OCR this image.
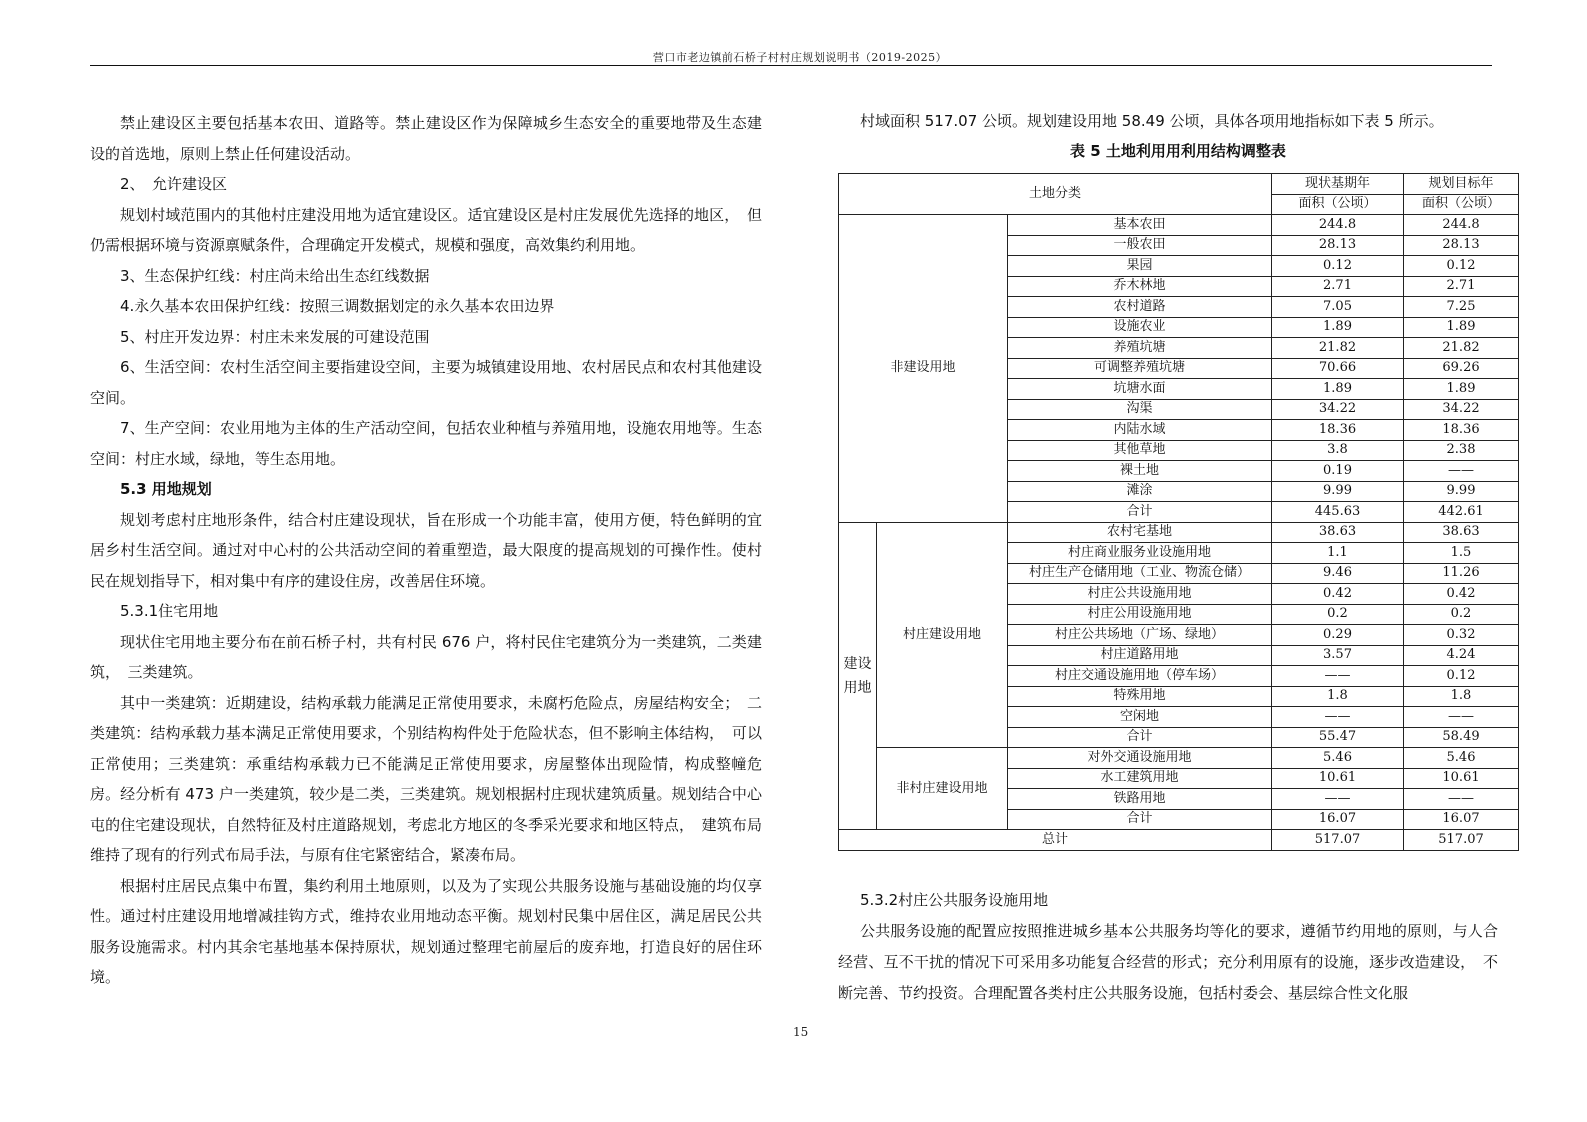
营口市老边镇前石桥子村村庄规划说明书（2019-2025）

禁止建设区主要包括基本农田、道路等。禁止建设区作为保障城乡生态安全的重要地带及生态建设的首选地，原则上禁止任何建设活动。

2、　允许建设区

规划村域范围内的其他村庄建没用地为适宜建设区。适宜建设区是村庄发展优先选择的地区，　但仍需根据环境与资源禀赋条件，合理确定开发模式，规模和强度，高效集约利用地。

3、生态保护红线：村庄尚未给出生态红线数据

4.永久基本农田保护红线：按照三调数据划定的永久基本农田边界

5、村庄开发边界：村庄未来发展的可建设范围

6、生活空间：农村生活空间主要指建设空间，主要为城镇建设用地、农村居民点和农村其他建设空间。

7、生产空间：农业用地为主体的生产活动空间，包括农业种植与养殖用地，设施农用地等。生态空间：村庄水域，绿地，等生态用地。

5.3 用地规划

规划考虑村庄地形条件，结合村庄建设现状，旨在形成一个功能丰富，使用方便，特色鲜明的宜居乡村生活空间。通过对中心村的公共活动空间的着重塑造，最大限度的提高规划的可操作性。使村民在规划指导下，相对集中有序的建设住房，改善居住环境。

5.3.1住宅用地

现状住宅用地主要分布在前石桥子村，共有村民 676 户，将村民住宅建筑分为一类建筑，二类建筑，　三类建筑。

其中一类建筑：近期建设，结构承载力能满足正常使用要求，未腐朽危险点，房屋结构安全；　二类建筑：结构承载力基本满足正常使用要求，个别结构构件处于危险状态，但不影响主体结构，　可以正常使用；三类建筑：承重结构承载力已不能满足正常使用要求，房屋整体出现险情，构成整幢危房。经分析有 473 户一类建筑，较少是二类，三类建筑。规划根据村庄现状建筑质量。规划结合中心屯的住宅建设现状，自然特征及村庄道路规划，考虑北方地区的冬季采光要求和地区特点，　建筑布局维持了现有的行列式布局手法，与原有住宅紧密结合，紧凑布局。

根据村庄居民点集中布置，集约利用土地原则，以及为了实现公共服务设施与基础设施的均仅享性。通过村庄建设用地增减挂钩方式，维持农业用地动态平衡。规划村民集中居住区，满足居民公共服务设施需求。村内其余宅基地基本保持原状，规划通过整理宅前屋后的废弃地，打造良好的居住环境。

村域面积 517.07 公顷。规划建设用地 58.49 公顷，具体各项用地指标如下表 5 所示。

表 5 土地利用用利用结构调整表

土地分类			现状基期年	规划目标年
			面积（公顷）	面积（公顷）
非建设用地		基本农田	244.8	244.8
		一般农田	28.13	28.13
		果园	0.12	0.12
		乔木林地	2.71	2.71
		农村道路	7.05	7.25
		设施农业	1.89	1.89
		养殖坑塘	21.82	21.82
		可调整养殖坑塘	70.66	69.26
		坑塘水面	1.89	1.89
		沟渠	34.22	34.22
		内陆水域	18.36	18.36
		其他草地	3.8	2.38
		裸土地	0.19	——
		滩涂	9.99	9.99
		合计	445.63	442.61
建设用地	村庄建设用地	农村宅基地	38.63	38.63
		村庄商业服务业设施用地	1.1	1.5
		村庄生产仓储用地（工业、物流仓储）	9.46	11.26
		村庄公共设施用地	0.42	0.42
		村庄公用设施用地	0.2	0.2
		村庄公共场地（广场、绿地）	0.29	0.32
		村庄道路用地	3.57	4.24
		村庄交通设施用地（停车场）	——	0.12
		特殊用地	1.8	1.8
		空闲地	——	——
		合计	55.47	58.49
	非村庄建设用地	对外交通设施用地	5.46	5.46
		水工建筑用地	10.61	10.61
		铁路用地	——	——
		合计	16.07	16.07
总计			517.07	517.07

5.3.2村庄公共服务设施用地

公共服务设施的配置应按照推进城乡基本公共服务均等化的要求，遵循节约用地的原则，与人合经营、互不干扰的情况下可采用多功能复合经营的形式；充分利用原有的设施，逐步改造建设，　不断完善、节约投资。合理配置各类村庄公共服务设施，包括村委会、基层综合性文化服

15
